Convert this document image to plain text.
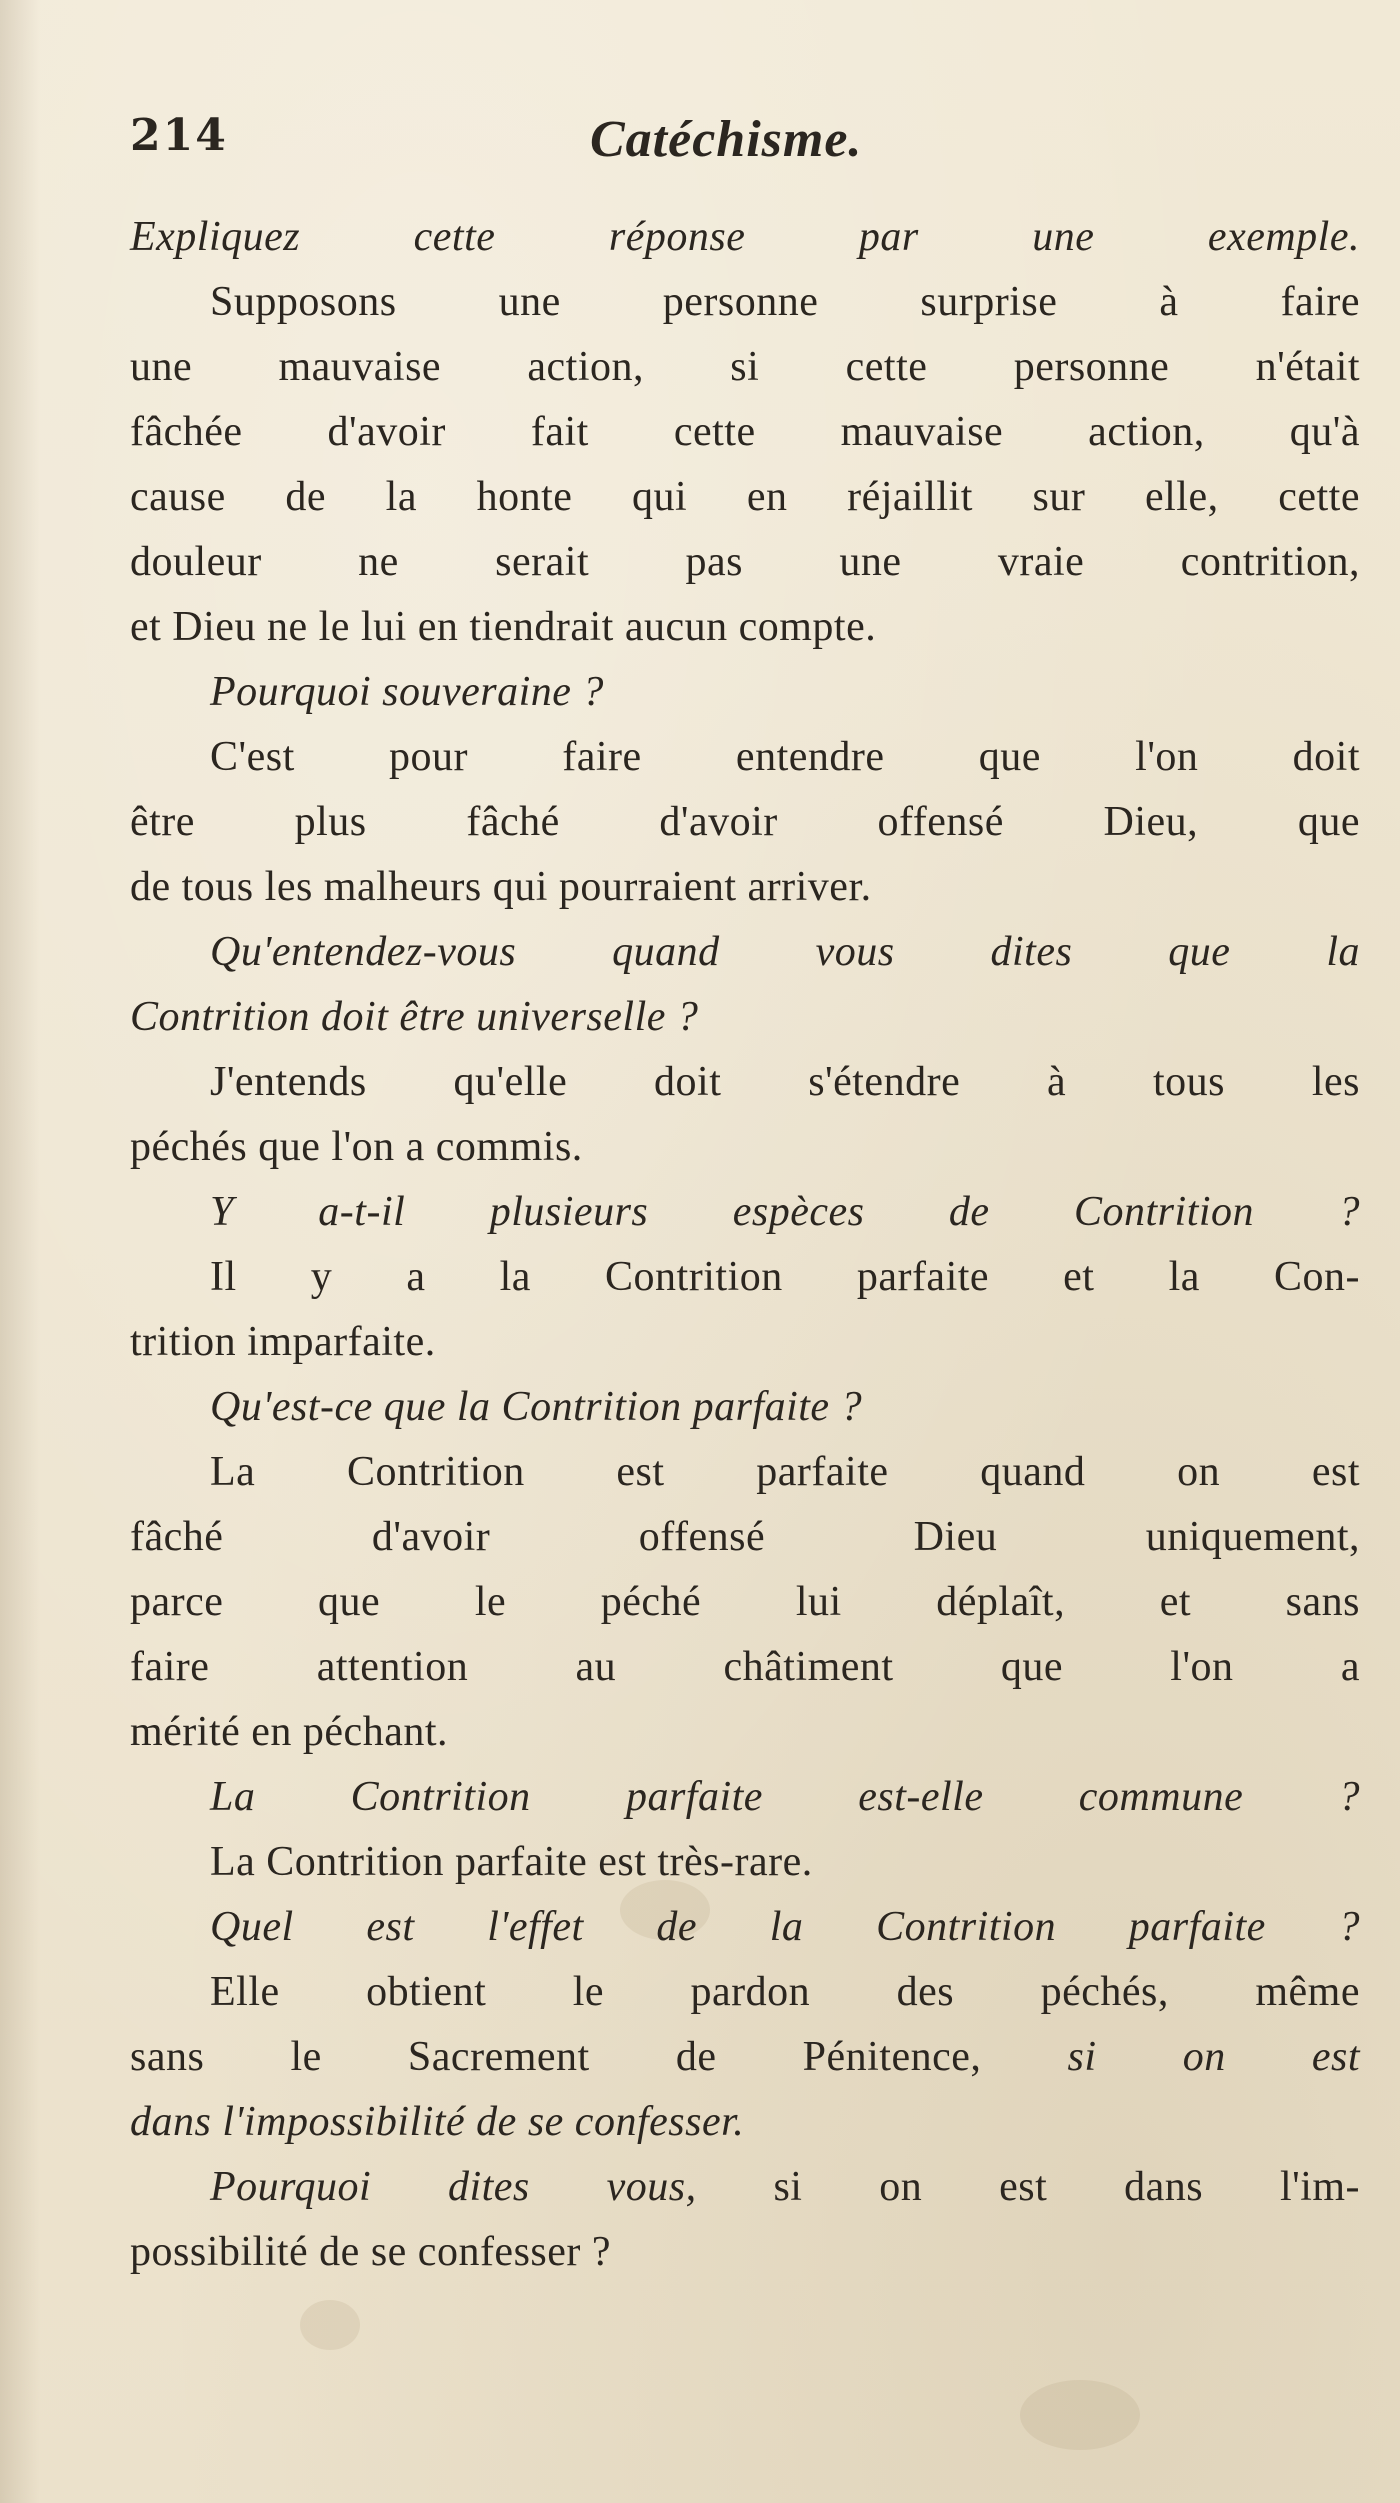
214	Catéchisme.
Expliquez cette réponse par une exemple.
Supposons une personne surprise à faire
une mauvaise action, si cette personne n'était
fâchée d'avoir fait cette mauvaise action, qu'à
cause de la honte qui en réjaillit sur elle, cette
douleur ne serait pas une vraie contrition,
et Dieu ne le lui en tiendrait aucun compte.
Pourquoi souveraine ?
C'est pour faire entendre que l'on doit
être plus fâché d'avoir offensé Dieu, que
de tous les malheurs qui pourraient arriver.
Qu'entendez-vous quand vous dites que la
Contrition doit être universelle ?
J'entends qu'elle doit s'étendre à tous les
péchés que l'on a commis.
Y a-t-il plusieurs espèces de Contrition ?
Il y a la Contrition parfaite et la Con-
trition imparfaite.
Qu'est-ce que la Contrition parfaite ?
La Contrition est parfaite quand on est
fâché d'avoir offensé Dieu uniquement,
parce que le péché lui déplaît, et sans
faire attention au châtiment que l'on a
mérité en péchant.
La Contrition parfaite est-elle commune ?
La Contrition parfaite est très-rare.
Quel est l'effet de la Contrition parfaite ?
Elle obtient le pardon des péchés, même
sans le Sacrement de Pénitence, si on est
dans l'impossibilité de se confesser.
Pourquoi dites vous, si on est dans l'im-
possibilité de se confesser ?
